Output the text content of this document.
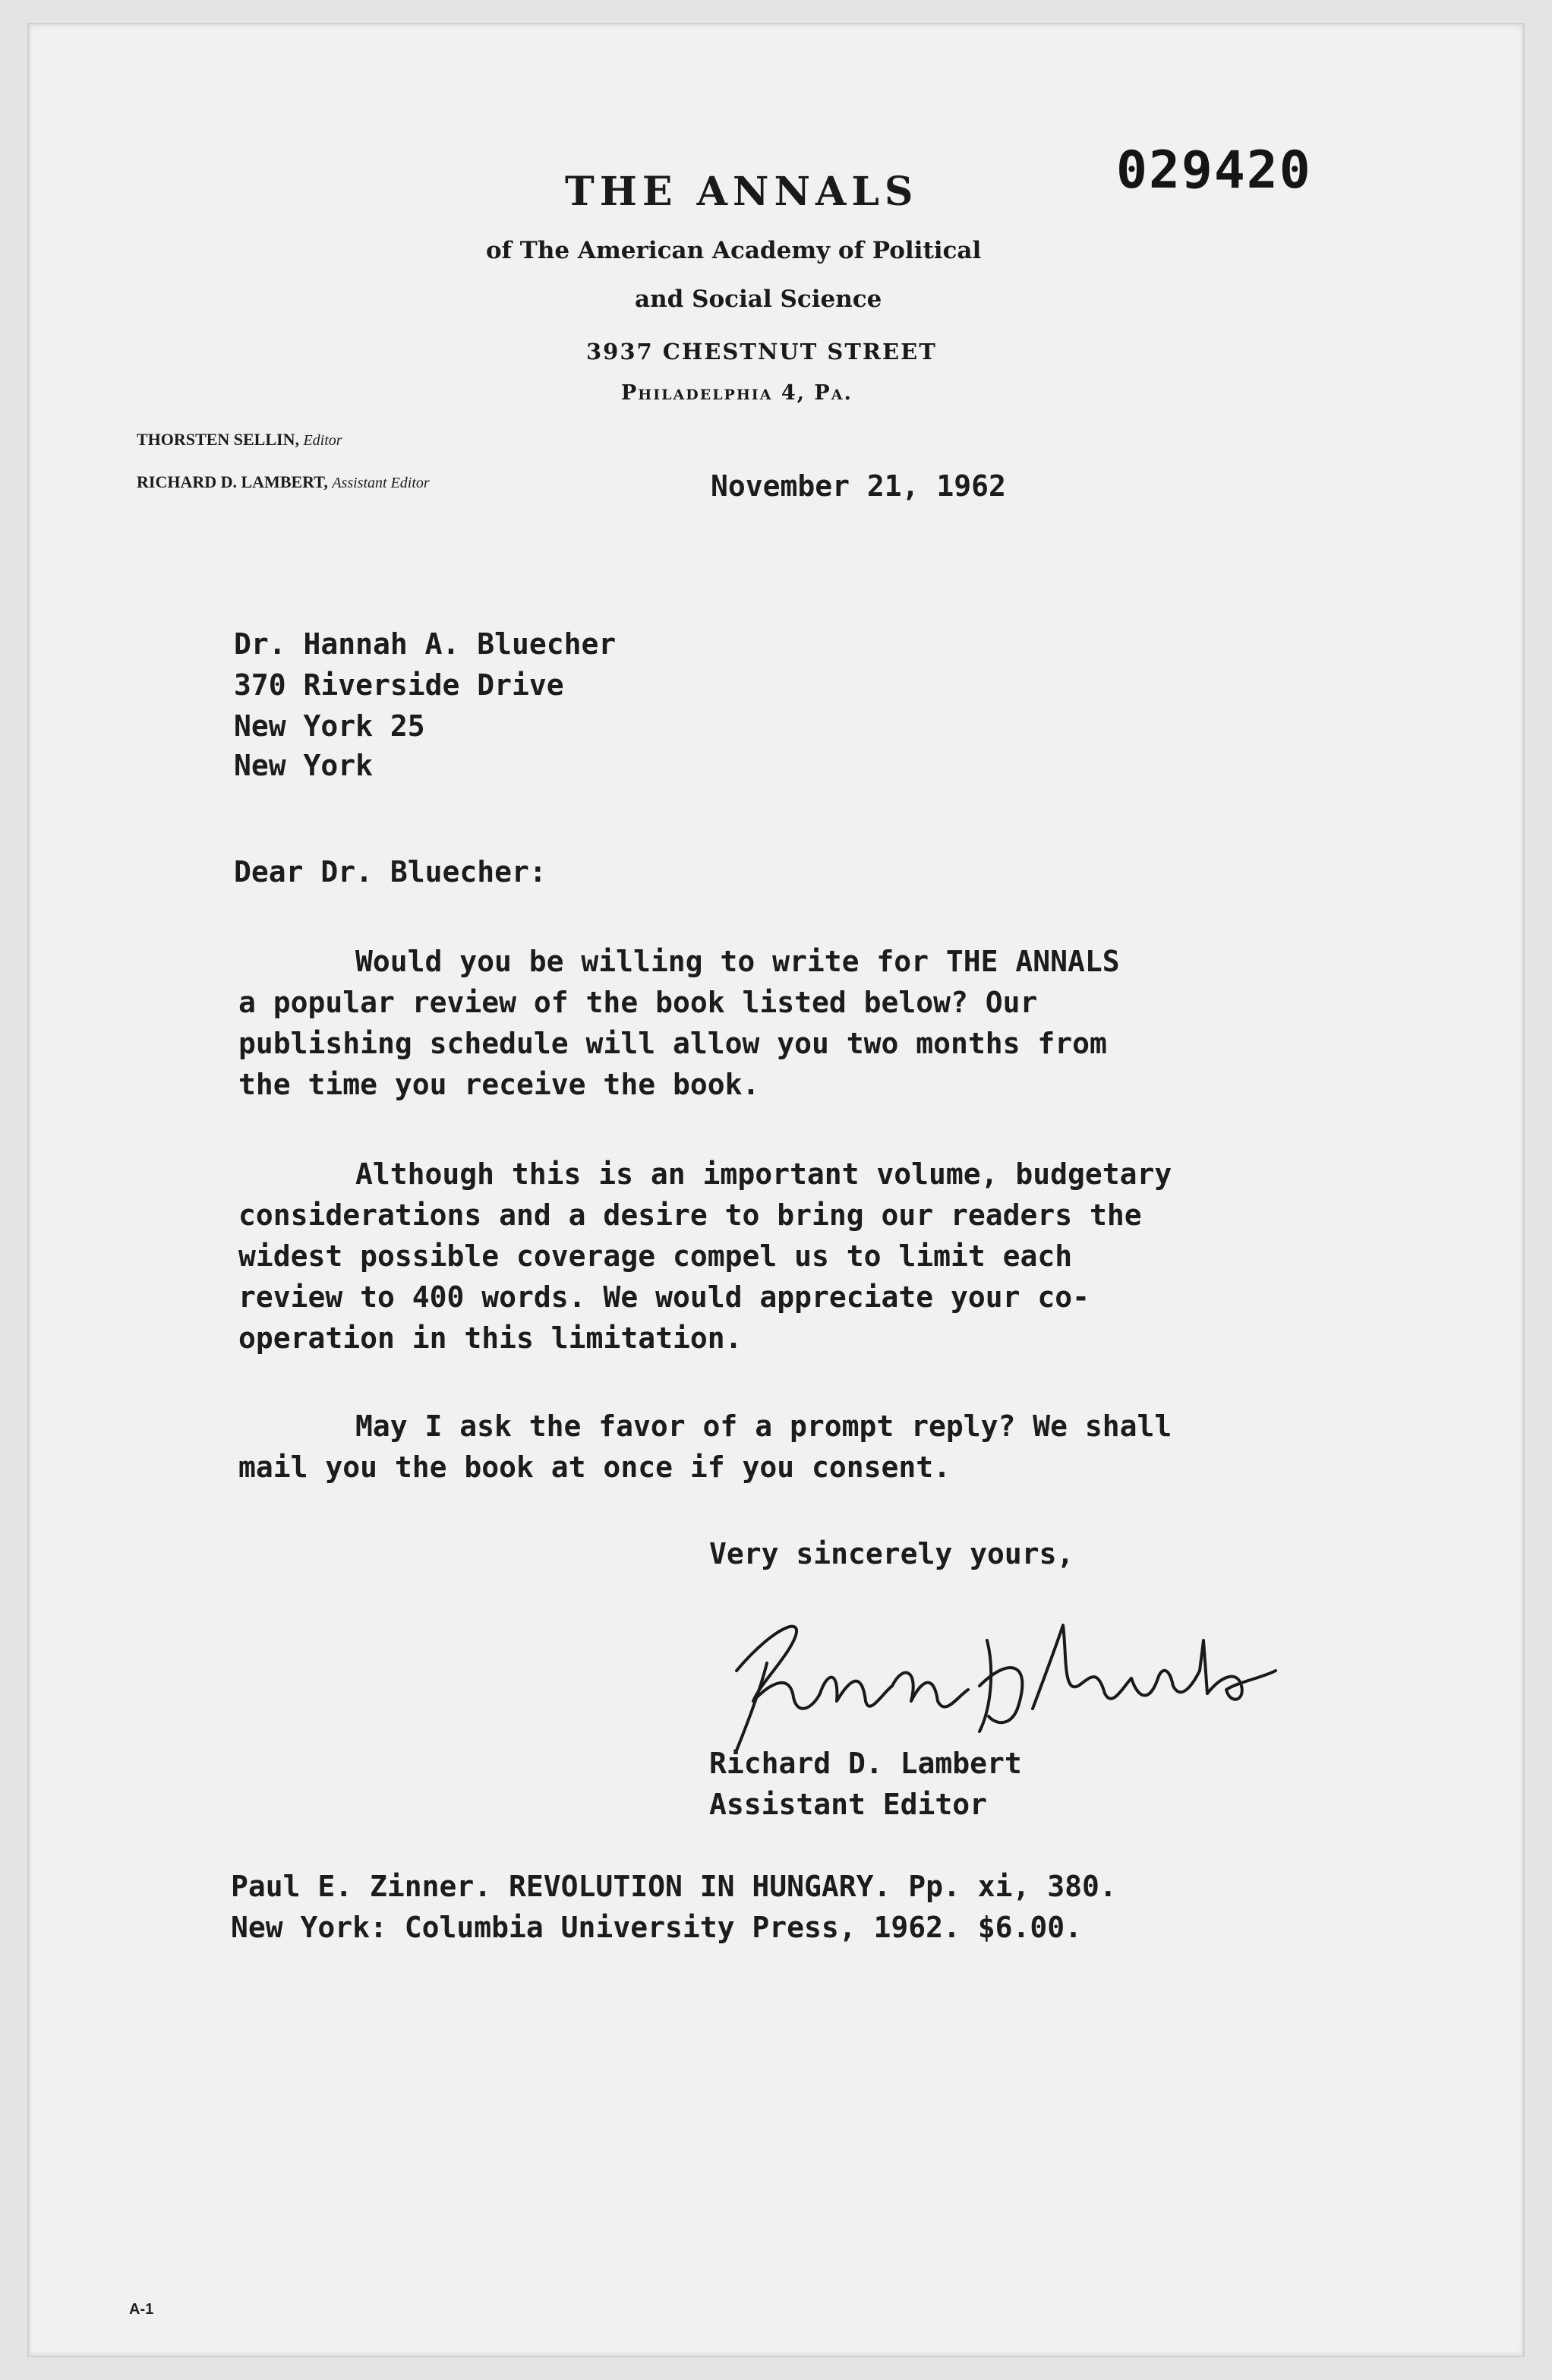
029420
THE ANNALS
of The American Academy of Political
and Social Science
3937 CHESTNUT STREET
Philadelphia 4, Pa.
THORSTEN SELLIN, Editor
RICHARD D. LAMBERT, Assistant Editor	November 21, 1962
Dr. Hannah A. Bluecher
370 Riverside Drive
New York 25
New York
Dear Dr. Bluecher:
Would you be willing to write for THE ANNALS
a popular review of the book listed below? Our
publishing schedule will allow you two months from
the time you receive the book.
Although this is an important volume, budgetary
considerations and a desire to bring our readers the
widest possible coverage compel us to limit each
review to 400 words. We would appreciate your co-
operation in this limitation.
May I ask the favor of a prompt reply? We shall
mail you the book at once if you consent.
Very sincerely yours,
Richard D. Lambert
Assistant Editor
Paul E. Zinner. REVOLUTION IN HUNGARY. Pp. xi, 380.
New York: Columbia University Press, 1962. $6.00.
A-1
